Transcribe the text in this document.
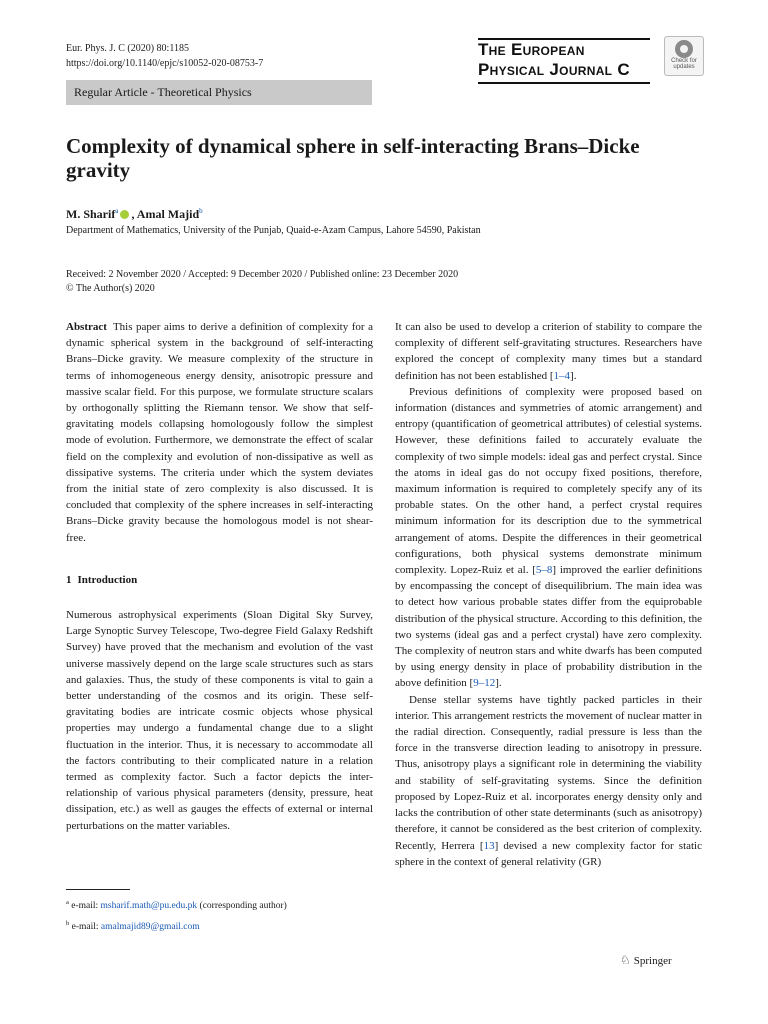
Eur. Phys. J. C (2020) 80:1185
https://doi.org/10.1140/epjc/s10052-020-08753-7
The European
Physical Journal C	Check for
updates
Regular Article - Theoretical Physics
Complexity of dynamical sphere in self-interacting Brans–Dicke gravity
M. Sharif$^a$ , Amal Majid$^b$
Department of Mathematics, University of the Punjab, Quaid-e-Azam Campus, Lahore 54590, Pakistan
Received: 2 November 2020 / Accepted: 9 December 2020 / Published online: 23 December 2020
© The Author(s) 2020

Abstract This paper aims to derive a definition of complexity for a dynamic spherical system in the background of self-interacting Brans–Dicke gravity. We measure complexity of the structure in terms of inhomogeneous energy density, anisotropic pressure and massive scalar field. For this purpose, we formulate structure scalars by orthogonally splitting the Riemann tensor. We show that self-gravitating models collapsing homologously follow the simplest mode of evolution. Furthermore, we demonstrate the effect of scalar field on the complexity and evolution of non-dissipative as well as dissipative systems. The criteria under which the system deviates from the initial state of zero complexity is also discussed. It is concluded that complexity of the sphere increases in self-interacting Brans–Dicke gravity because the homologous model is not shear-free.

1 Introduction

Numerous astrophysical experiments (Sloan Digital Sky Survey, Large Synoptic Survey Telescope, Two-degree Field Galaxy Redshift Survey) have proved that the mechanism and evolution of the vast universe massively depend on the large scale structures such as stars and galaxies. Thus, the study of these components is vital to gain a better understanding of the cosmos and its origin. These self-gravitating bodies are intricate cosmic objects whose physical properties may undergo a fundamental change due to a slight fluctuation in the interior. Thus, it is necessary to accommodate all the factors contributing to their complicated nature in a relation termed as complexity factor. Such a factor depicts the inter-relationship of various physical parameters (density, pressure, heat dissipation, etc.) as well as gauges the effects of external or internal perturbations on the matter variables.

It can also be used to develop a criterion of stability to compare the complexity of different self-gravitating structures. Researchers have explored the concept of complexity many times but a standard definition has not been established [1–4].

Previous definitions of complexity were proposed based on information (distances and symmetries of atomic arrangement) and entropy (quantification of geometrical attributes) of celestial systems. However, these definitions failed to accurately evaluate the complexity of two simple models: ideal gas and perfect crystal. Since the atoms in ideal gas do not occupy fixed positions, therefore, maximum information is required to completely specify any of its probable states. On the other hand, a perfect crystal requires minimum information for its description due to the symmetrical arrangement of atoms. Despite the differences in their geometrical configurations, both physical systems demonstrate minimum complexity. Lopez-Ruiz et al. [5–8] improved the earlier definitions by encompassing the concept of disequilibrium. The main idea was to detect how various probable states differ from the equiprobable distribution of the physical structure. According to this definition, the two systems (ideal gas and a perfect crystal) have zero complexity. The complexity of neutron stars and white dwarfs has been computed by using energy density in place of probability distribution in the above definition [9–12].

Dense stellar systems have tightly packed particles in their interior. This arrangement restricts the movement of nuclear matter in the radial direction. Consequently, radial pressure is less than the force in the transverse direction leading to anisotropy in pressure. Thus, anisotropy plays a significant role in determining the viability and stability of self-gravitating systems. Since the definition proposed by Lopez-Ruiz et al. incorporates energy density only and lacks the contribution of other state determinants (such as anisotropy) therefore, it cannot be considered as the best criterion of complexity. Recently, Herrera [13] devised a new complexity factor for static sphere in the context of general relativity (GR)

$^a$ e-mail: msharif.math@pu.edu.pk (corresponding author)
$^b$ e-mail: amalmajid89@gmail.com
♘ Springer
